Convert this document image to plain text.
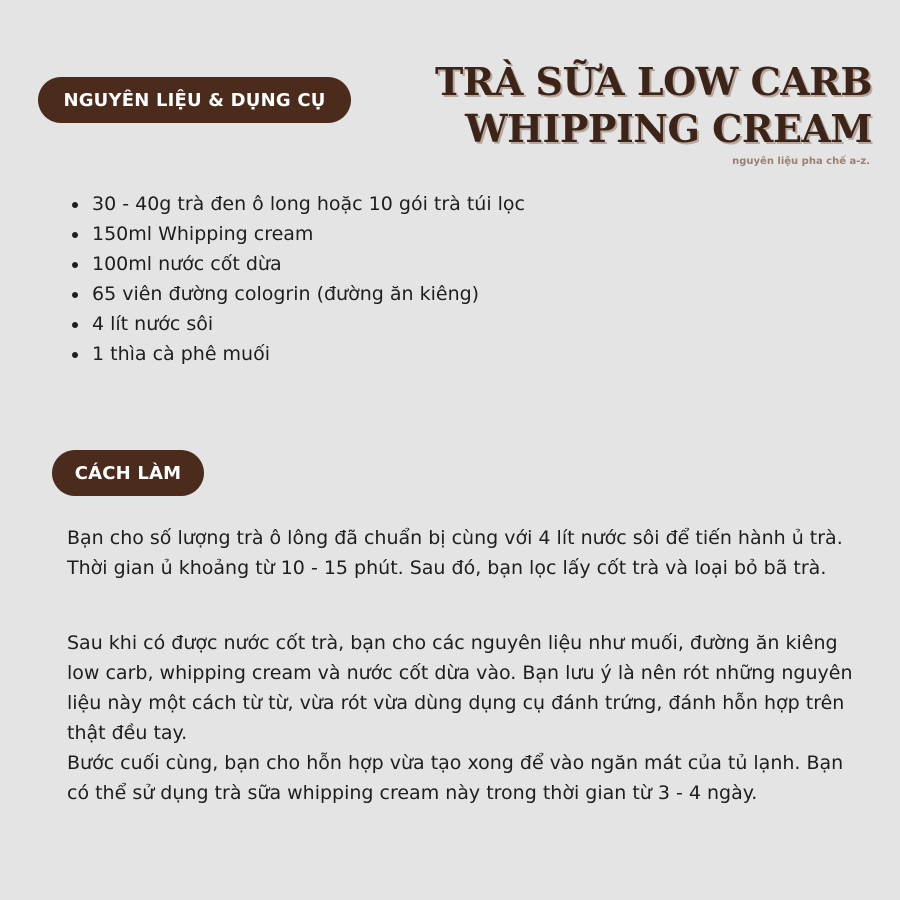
NGUYÊN LIỆU & DỤNG CỤ	TRÀ SỮA LOW CARB
WHIPPING CREAM
nguyên liệu pha chế a-z.
• 30 - 40g trà đen ô long hoặc 10 gói trà túi lọc
• 150ml Whipping cream
• 100ml nước cốt dừa
• 65 viên đường cologrin (đường ăn kiêng)
• 4 lít nước sôi
• 1 thìa cà phê muối
CÁCH LÀM

Bạn cho số lượng trà ô lông đã chuẩn bị cùng với 4 lít nước sôi để tiến hành ủ trà. Thời gian ủ khoảng từ 10 - 15 phút. Sau đó, bạn lọc lấy cốt trà và loại bỏ bã trà.

Sau khi có được nước cốt trà, bạn cho các nguyên liệu như muối, đường ăn kiêng low carb, whipping cream và nước cốt dừa vào. Bạn lưu ý là nên rót những nguyên liệu này một cách từ từ, vừa rót vừa dùng dụng cụ đánh trứng, đánh hỗn hợp trên thật đều tay.
Bước cuối cùng, bạn cho hỗn hợp vừa tạo xong để vào ngăn mát của tủ lạnh. Bạn có thể sử dụng trà sữa whipping cream này trong thời gian từ 3 - 4 ngày.
